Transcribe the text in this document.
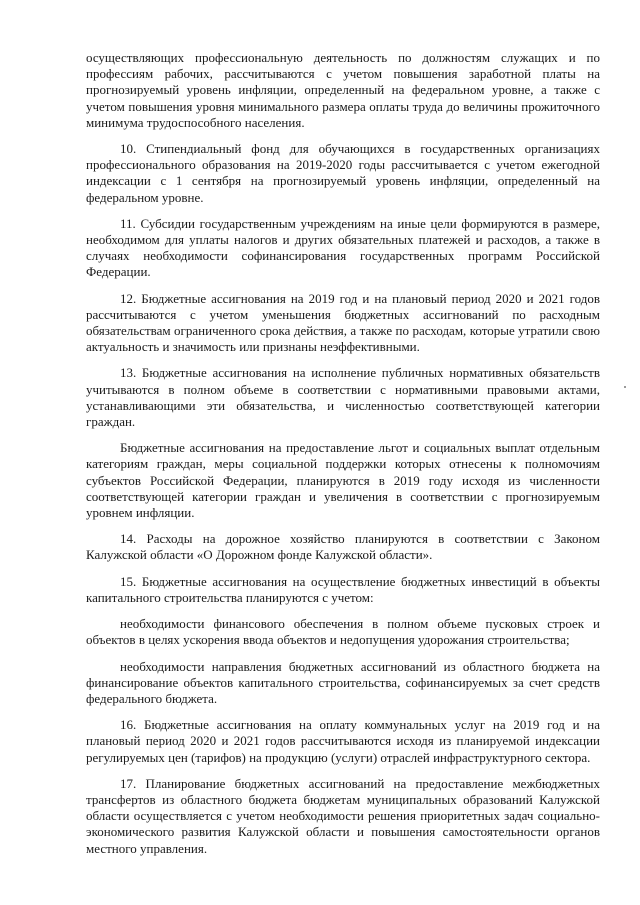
осуществляющих профессиональную деятельность по должностям служащих и по профессиям рабочих, рассчитываются с учетом повышения заработной платы на прогнозируемый уровень инфляции, определенный на федеральном уровне, а также с учетом повышения уровня минимального размера оплаты труда до величины прожиточного минимума трудоспособного населения.

10. Стипендиальный фонд для обучающихся в государственных организациях профессионального образования на 2019-2020 годы рассчитывается с учетом ежегодной индексации с 1 сентября на прогнозируемый уровень инфляции, определенный на федеральном уровне.

11. Субсидии государственным учреждениям на иные цели формируются в размере, необходимом для уплаты налогов и других обязательных платежей и расходов, а также в случаях необходимости софинансирования государственных программ Российской Федерации.

12. Бюджетные ассигнования на 2019 год и на плановый период 2020 и 2021 годов рассчитываются с учетом уменьшения бюджетных ассигнований по расходным обязательствам ограниченного срока действия, а также по расходам, которые утратили свою актуальность и значимость или признаны неэффективными.

13. Бюджетные ассигнования на исполнение публичных нормативных обязательств учитываются в полном объеме в соответствии с нормативными правовыми актами, устанавливающими эти обязательства, и численностью соответствующей категории граждан.

Бюджетные ассигнования на предоставление льгот и социальных выплат отдельным категориям граждан, меры социальной поддержки которых отнесены к полномочиям субъектов Российской Федерации, планируются в 2019 году исходя из численности соответствующей категории граждан и увеличения в соответствии с прогнозируемым уровнем инфляции.

14. Расходы на дорожное хозяйство планируются в соответствии с Законом Калужской области «О Дорожном фонде Калужской области».

15. Бюджетные ассигнования на осуществление бюджетных инвестиций в объекты капитального строительства планируются с учетом:

необходимости финансового обеспечения в полном объеме пусковых строек и объектов в целях ускорения ввода объектов и недопущения удорожания строительства;

необходимости направления бюджетных ассигнований из областного бюджета на финансирование объектов капитального строительства, софинансируемых за счет средств федерального бюджета.

16. Бюджетные ассигнования на оплату коммунальных услуг на 2019 год и на плановый период 2020 и 2021 годов рассчитываются исходя из планируемой индексации регулируемых цен (тарифов) на продукцию (услуги) отраслей инфраструктурного сектора.

17. Планирование бюджетных ассигнований на предоставление межбюджетных трансфертов из областного бюджета бюджетам муниципальных образований Калужской области осуществляется с учетом необходимости решения приоритетных задач социально-экономического развития Калужской области и повышения самостоятельности органов местного управления.
